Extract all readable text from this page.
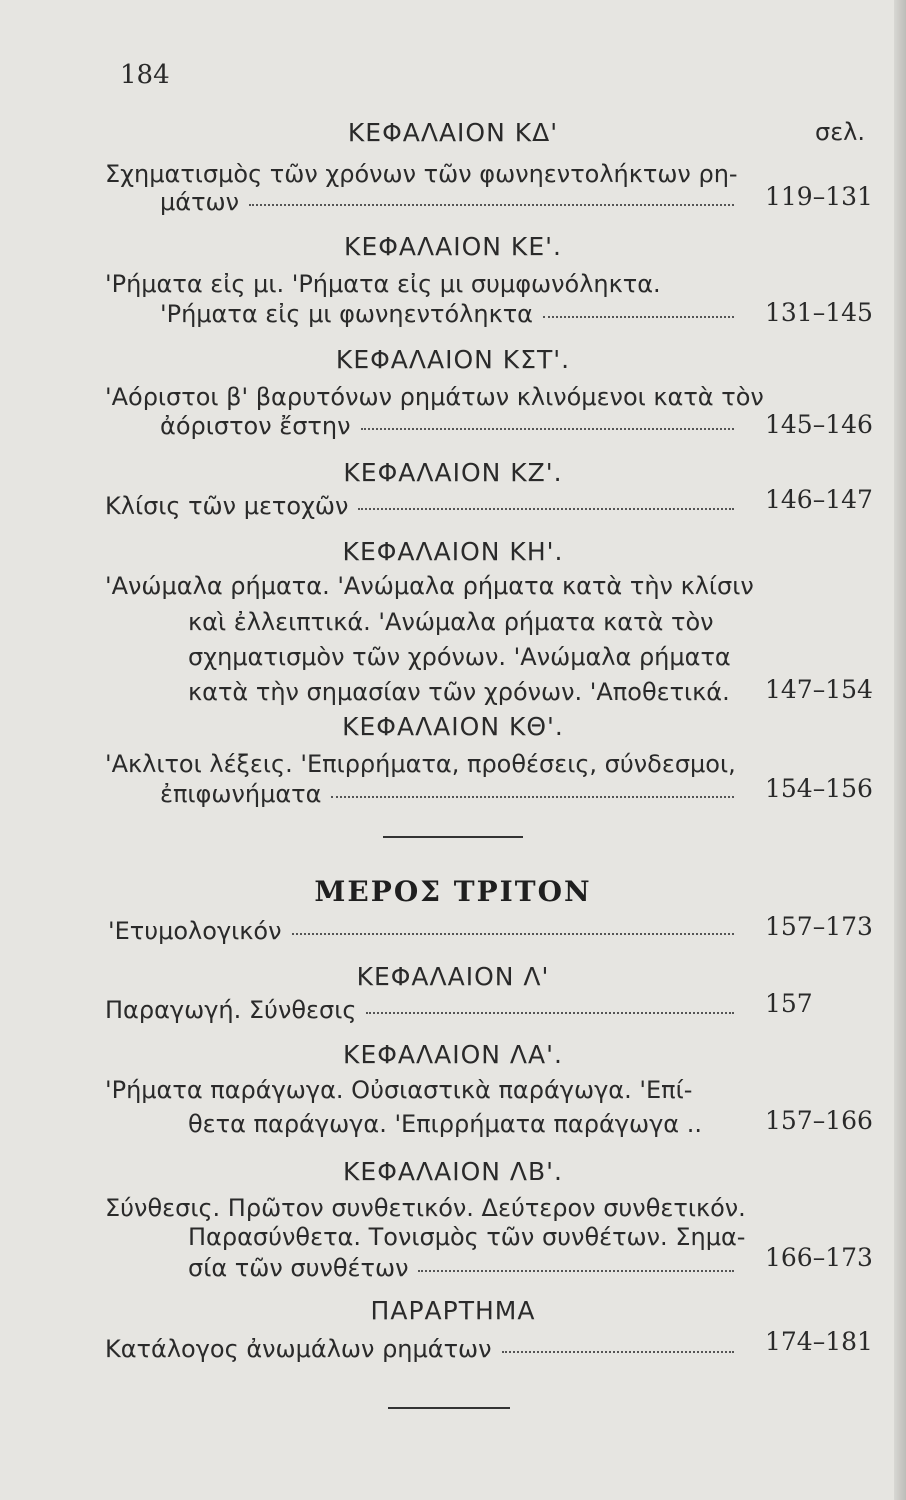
184
σελ.
ΚΕΦΑΛΑΙΟΝ ΚΔ'
Σχηματισμὸς τῶν χρόνων τῶν φωνηεντολήκτων ρη-
μάτων	119–131
ΚΕΦΑΛΑΙΟΝ ΚΕ'.
'Ρήματα εἰς μι. 'Ρήματα εἰς μι συμφωνόληκτα.
'Ρήματα εἰς μι φωνηεντόληκτα	131–145
ΚΕΦΑΛΑΙΟΝ ΚΣΤ'.
'Αόριστοι β' βαρυτόνων ρημάτων κλινόμενοι κατὰ τὸν
ἀόριστον ἔστην	145–146
ΚΕΦΑΛΑΙΟΝ ΚΖ'.
Κλίσις τῶν μετοχῶν	146–147
ΚΕΦΑΛΑΙΟΝ ΚΗ'.
'Ανώμαλα ρήματα. 'Ανώμαλα ρήματα κατὰ τὴν κλίσιν
καὶ ἐλλειπτικά. 'Ανώμαλα ρήματα κατὰ τὸν
σχηματισμὸν τῶν χρόνων. 'Ανώμαλα ρήματα
κατὰ τὴν σημασίαν τῶν χρόνων. 'Αποθετικά. 147–154
ΚΕΦΑΛΑΙΟΝ ΚΘ'.
'Ακλιτοι λέξεις. 'Επιρρήματα, προθέσεις, σύνδεσμοι,
ἐπιφωνήματα	154–156
ΜΕΡΟΣ ΤΡΙΤΟΝ
'Ετυμολογικόν	157–173
ΚΕΦΑΛΑΙΟΝ Λ'
Παραγωγή. Σύνθεσις	157
ΚΕΦΑΛΑΙΟΝ ΛΑ'.
'Ρήματα παράγωγα. Οὐσιαστικὰ παράγωγα. 'Επί-
θετα παράγωγα. 'Επιρρήματα παράγωγα ..	157–166
ΚΕΦΑΛΑΙΟΝ ΛΒ'.
Σύνθεσις. Πρῶτον συνθετικόν. Δεύτερον συνθετικόν.
Παρασύνθετα. Τονισμὸς τῶν συνθέτων. Σημα-
σία τῶν συνθέτων	166–173
ΠΑΡΑΡΤΗΜΑ
Κατάλογος ἀνωμάλων ρημάτων	174–181
